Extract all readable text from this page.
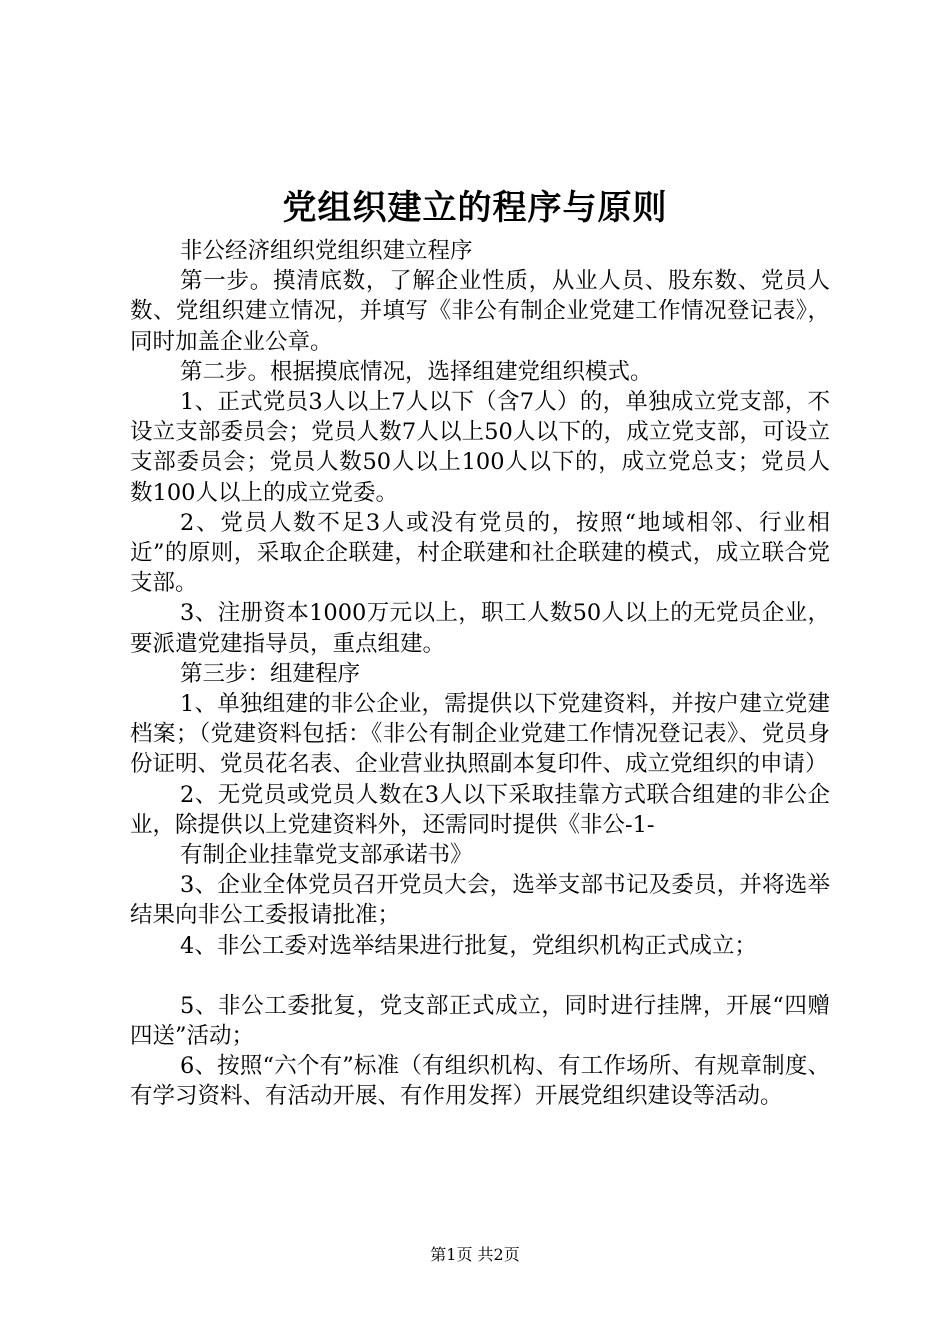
党组织建立的程序与原则

非公经济组织党组织建立程序

第一步。摸清底数，了解企业性质，从业人员、股东数、党员人数、党组织建立情况，并填写《非公有制企业党建工作情况登记表》，同时加盖企业公章。

第二步。根据摸底情况，选择组建党组织模式。

1、正式党员3人以上7人以下（含7人）的，单独成立党支部，不设立支部委员会；党员人数7人以上50人以下的，成立党支部，可设立支部委员会；党员人数50人以上100人以下的，成立党总支；党员人数100人以上的成立党委。

2、党员人数不足3人或没有党员的，按照“地域相邻、行业相近”的原则，采取企企联建，村企联建和社企联建的模式，成立联合党支部。

3、注册资本1000万元以上，职工人数50人以上的无党员企业，要派遣党建指导员，重点组建。

第三步：组建程序

1、单独组建的非公企业，需提供以下党建资料，并按户建立党建档案；（党建资料包括：《非公有制企业党建工作情况登记表》、党员身份证明、党员花名表、企业营业执照副本复印件、成立党组织的申请）

2、无党员或党员人数在3人以下采取挂靠方式联合组建的非公企业，除提供以上党建资料外，还需同时提供《非公-1-

有制企业挂靠党支部承诺书》

3、企业全体党员召开党员大会，选举支部书记及委员，并将选举结果向非公工委报请批准；

4、非公工委对选举结果进行批复，党组织机构正式成立；

5、非公工委批复，党支部正式成立，同时进行挂牌，开展“四赠四送”活动；

6、按照“六个有”标准（有组织机构、有工作场所、有规章制度、有学习资料、有活动开展、有作用发挥）开展党组织建设等活动。

第1页 共2页
